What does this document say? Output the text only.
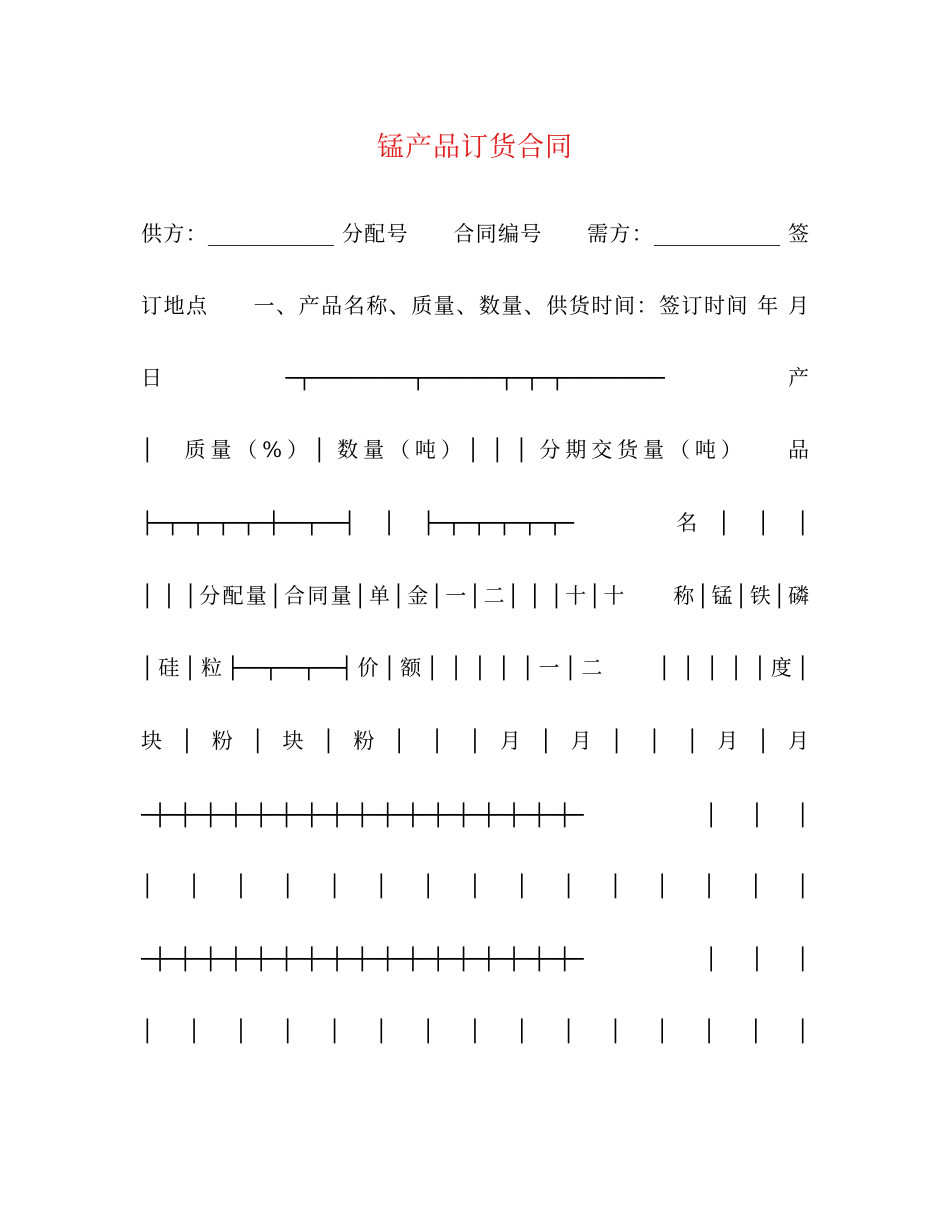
锰产品订货合同
供方：____________ 分配号　　合同编号　　需方：____________ 签
订地点　　一、产品名称、质量、数量、供货时间：签订时间 年 月
日　　─┬────────┬──────┬─┬─┬────────　　产
│　质量（%）│ 数量（吨）│ │ │ 分期交货量（吨）　　品
├─┬─┬─┬─┬─┼──┬──┤ │ ├─┬─┬─┬─┬─┬─　　名│ │ │
│ │ │分配量│合同量│单│金│一│二│ │ │十│十　　称│锰│铁│磷
│硅│粒├──┬──┬──┤价│额│ │ │ │ │一│二　　│ │ │ │ │度│
块│粉│块│粉│ │ │月│月│ │ │月│月
─┼─┼─┼─┼─┼─┼─┼─┼─┼─┼─┼─┼─┼─┼─┼─┼─┼─　　│ │ │
│ │ │ │ │ │ │ │ │ │ │ │ │ │ │
─┼─┼─┼─┼─┼─┼─┼─┼─┼─┼─┼─┼─┼─┼─┼─┼─┼─　　│ │ │
│ │ │ │ │ │ │ │ │ │ │ │ │ │ │
